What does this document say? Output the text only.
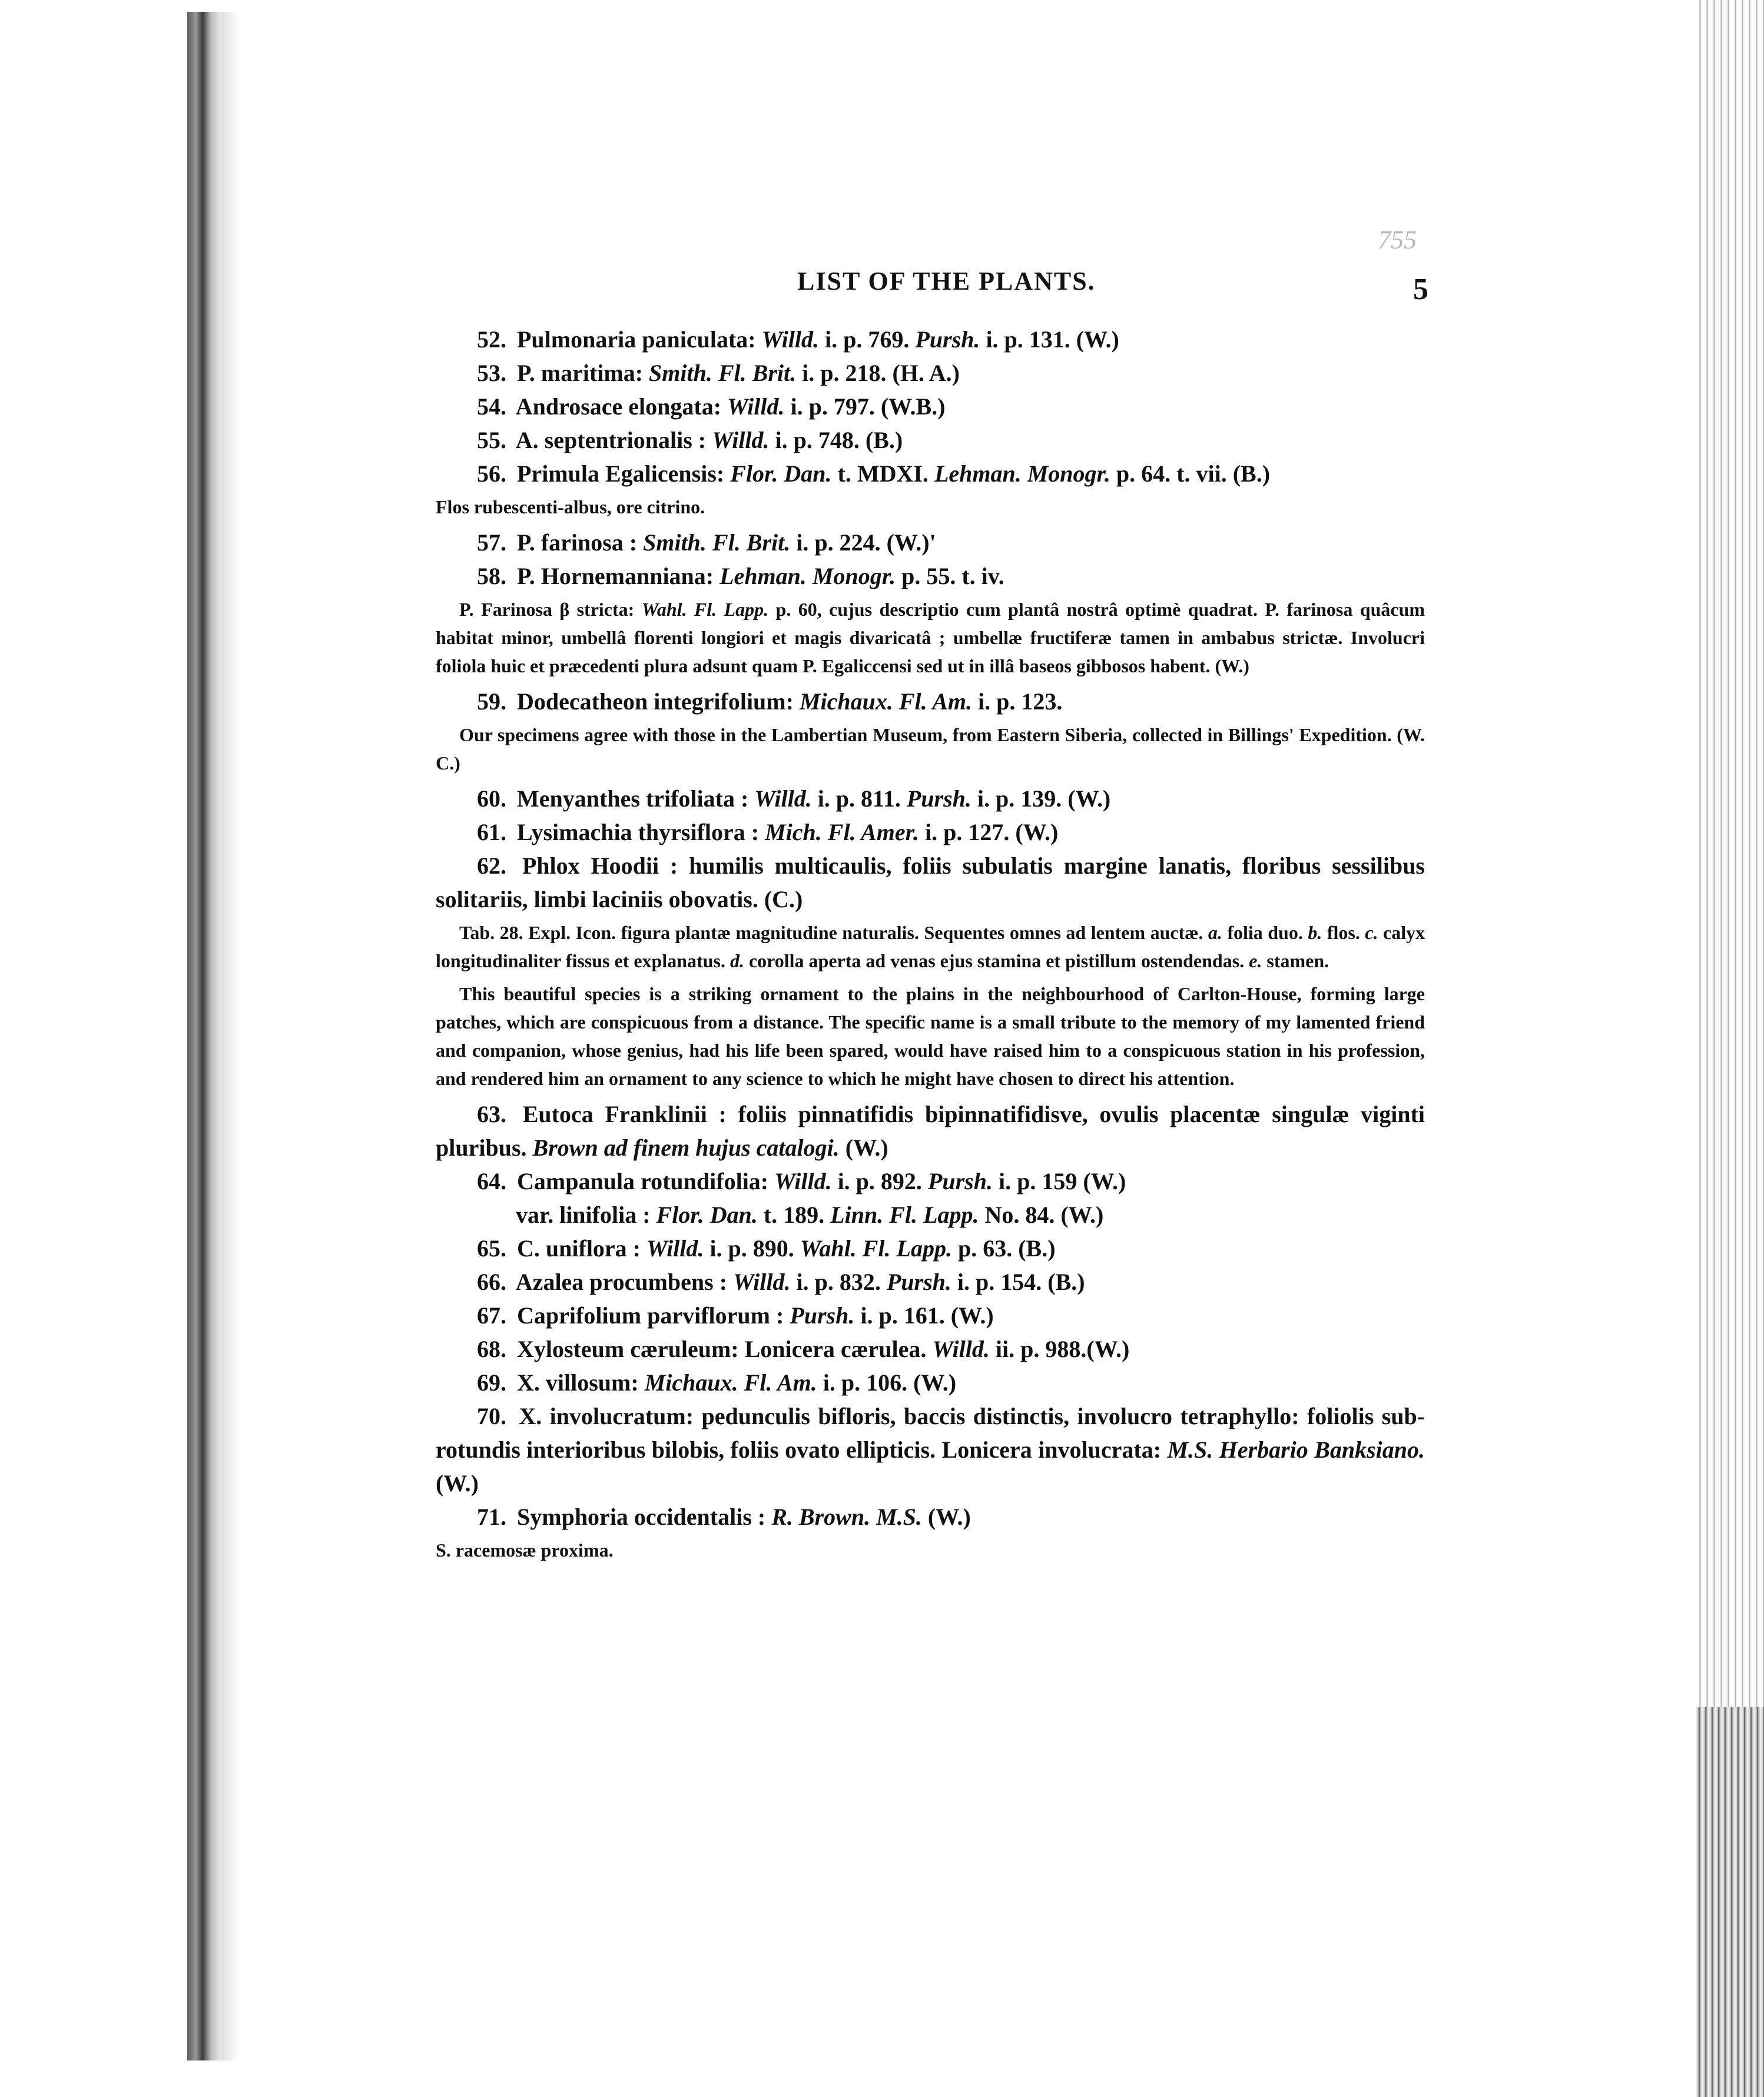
755
LIST OF THE PLANTS.	5

52. Pulmonaria paniculata: Willd. i. p. 769. Pursh. i. p. 131. (W.)

53. P. maritima: Smith. Fl. Brit. i. p. 218. (H. A.)

54. Androsace elongata: Willd. i. p. 797. (W.B.)

55. A. septentrionalis : Willd. i. p. 748. (B.)

56. Primula Egalicensis: Flor. Dan. t. MDXI. Lehman. Monogr. p. 64. t. vii. (B.)

Flos rubescenti-albus, ore citrino.

57. P. farinosa : Smith. Fl. Brit. i. p. 224. (W.)'

58. P. Hornemanniana: Lehman. Monogr. p. 55. t. iv.

P. Farinosa β stricta: Wahl. Fl. Lapp. p. 60, cujus descriptio cum plantâ nostrâ optimè quadrat. P. farinosa quâcum habitat minor, umbellâ florenti longiori et magis divaricatâ ; umbellæ fructiferæ tamen in ambabus strictæ. Involucri foliola huic et præcedenti plura adsunt quam P. Egaliccensi sed ut in illâ baseos gibbosos habent. (W.)

59. Dodecatheon integrifolium: Michaux. Fl. Am. i. p. 123.

Our specimens agree with those in the Lambertian Museum, from Eastern Siberia, collected in Billings' Expedition. (W. C.)

60. Menyanthes trifoliata : Willd. i. p. 811. Pursh. i. p. 139. (W.)

61. Lysimachia thyrsiflora : Mich. Fl. Amer. i. p. 127. (W.)

62. Phlox Hoodii : humilis multicaulis, foliis subulatis margine lanatis, floribus sessilibus solitariis, limbi laciniis obovatis. (C.)

Tab. 28. Expl. Icon. figura plantæ magnitudine naturalis. Sequentes omnes ad lentem auctæ. a. folia duo. b. flos. c. calyx longitudinaliter fissus et explanatus. d. corolla aperta ad venas ejus stamina et pistillum ostendendas. e. stamen.

This beautiful species is a striking ornament to the plains in the neighbourhood of Carlton-House, forming large patches, which are conspicuous from a distance. The specific name is a small tribute to the memory of my lamented friend and companion, whose genius, had his life been spared, would have raised him to a conspicuous station in his profession, and rendered him an ornament to any science to which he might have chosen to direct his attention.

63. Eutoca Franklinii : foliis pinnatifidis bipinnatifidisve, ovulis placentæ singulæ viginti pluribus. Brown ad finem hujus catalogi. (W.)

64. Campanula rotundifolia: Willd. i. p. 892. Pursh. i. p. 159 (W.)

var. linifolia : Flor. Dan. t. 189. Linn. Fl. Lapp. No. 84. (W.)

65. C. uniflora : Willd. i. p. 890. Wahl. Fl. Lapp. p. 63. (B.)

66. Azalea procumbens : Willd. i. p. 832. Pursh. i. p. 154. (B.)

67. Caprifolium parviflorum : Pursh. i. p. 161. (W.)

68. Xylosteum cæruleum: Lonicera cærulea. Willd. ii. p. 988.(W.)

69. X. villosum: Michaux. Fl. Am. i. p. 106. (W.)

70. X. involucratum: pedunculis bifloris, baccis distinctis, involucro tetraphyllo: foliolis sub-rotundis interioribus bilobis, foliis ovato ellipticis. Lonicera involucrata: M.S. Herbario Banksiano. (W.)

71. Symphoria occidentalis : R. Brown. M.S. (W.)

S. racemosæ proxima.
